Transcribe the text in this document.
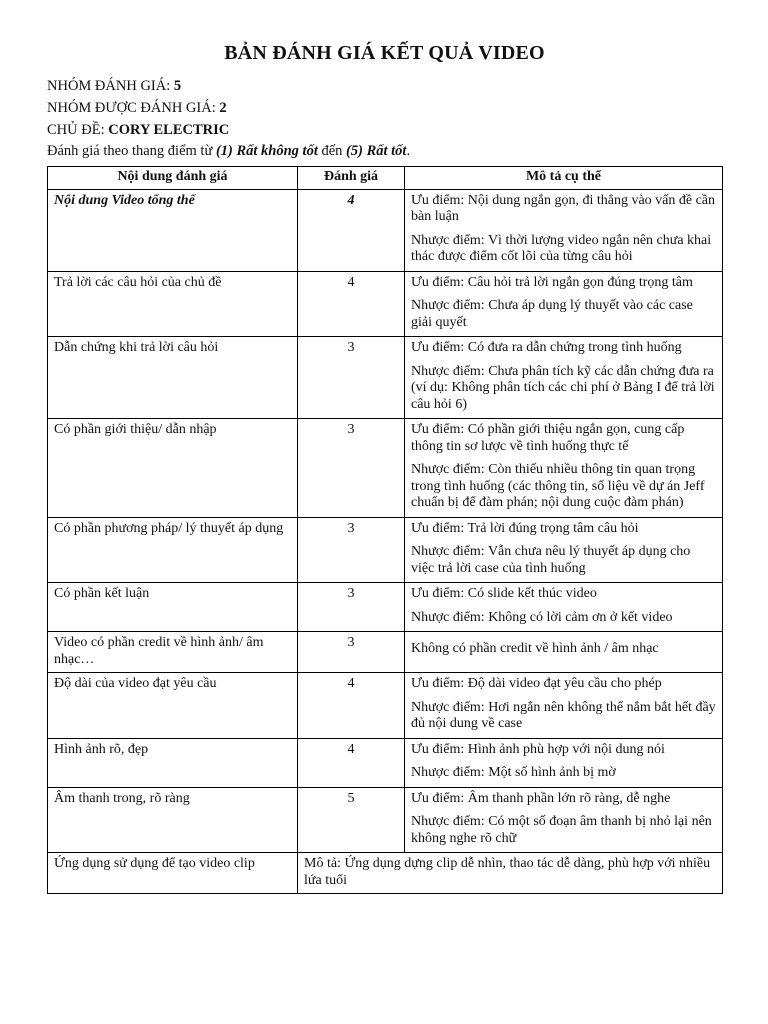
BẢN ĐÁNH GIÁ KẾT QUẢ VIDEO
NHÓM ĐÁNH GIÁ: 5
NHÓM ĐƯỢC ĐÁNH GIÁ: 2
CHỦ ĐỀ: CORY ELECTRIC
Đánh giá theo thang điểm từ (1) Rất không tốt đến (5) Rất tốt.
Nội dung đánh giá	Đánh giá	Mô tả cụ thể
Nội dung Video tổng thể	4	Ưu điểm: Nội dung ngắn gọn, đi thẳng vào vấn đề cần bàn luận
Nhược điểm: Vì thời lượng video ngắn nên chưa khai thác được điểm cốt lõi của từng câu hỏi

Trả lời các câu hỏi của chủ đề	4	Ưu điểm: Câu hỏi trả lời ngắn gọn đúng trọng tâm
Nhược điểm: Chưa áp dụng lý thuyết vào các case giải quyết

Dẫn chứng khi trả lời câu hỏi	3	Ưu điểm: Có đưa ra dẫn chứng trong tình huống
Nhược điểm: Chưa phân tích kỹ các dẫn chứng đưa ra (ví dụ: Không phân tích các chi phí ở Bảng I để trả lời câu hỏi 6)

Có phần giới thiệu/ dẫn nhập	3	Ưu điểm: Có phần giới thiệu ngắn gọn, cung cấp thông tin sơ lược về tình huống thực tế
Nhược điểm: Còn thiếu nhiều thông tin quan trọng trong tình huống (các thông tin, số liệu về dự án Jeff chuẩn bị để đàm phán; nội dung cuộc đàm phán)

Có phần phương pháp/ lý thuyết áp dụng	3	Ưu điểm: Trả lời đúng trọng tâm câu hỏi
Nhược điểm: Vẫn chưa nêu lý thuyết áp dụng cho việc trả lời case của tình huống

Có phần kết luận	3	Ưu điểm: Có slide kết thúc video
Nhược điểm: Không có lời cảm ơn ở kết video

Video có phần credit về hình ảnh/ âm nhạc…	3	Không có phần credit về hình ảnh / âm nhạc

Độ dài của video đạt yêu cầu	4	Ưu điểm: Độ dài video đạt yêu cầu cho phép
Nhược điểm: Hơi ngắn nên không thể nắm bắt hết đầy đủ nội dung về case

Hình ảnh rõ, đẹp	4	Ưu điểm: Hình ảnh phù hợp với nội dung nói
Nhược điểm: Một số hình ảnh bị mờ

Âm thanh trong, rõ ràng	5	Ưu điểm: Âm thanh phần lớn rõ ràng, dễ nghe
Nhược điểm: Có một số đoạn âm thanh bị nhỏ lại nên không nghe rõ chữ

Ứng dụng sử dụng để tạo video clip	Mô tả: Ứng dụng dựng clip dễ nhìn, thao tác dễ dàng, phù hợp với nhiều lứa tuổi	
